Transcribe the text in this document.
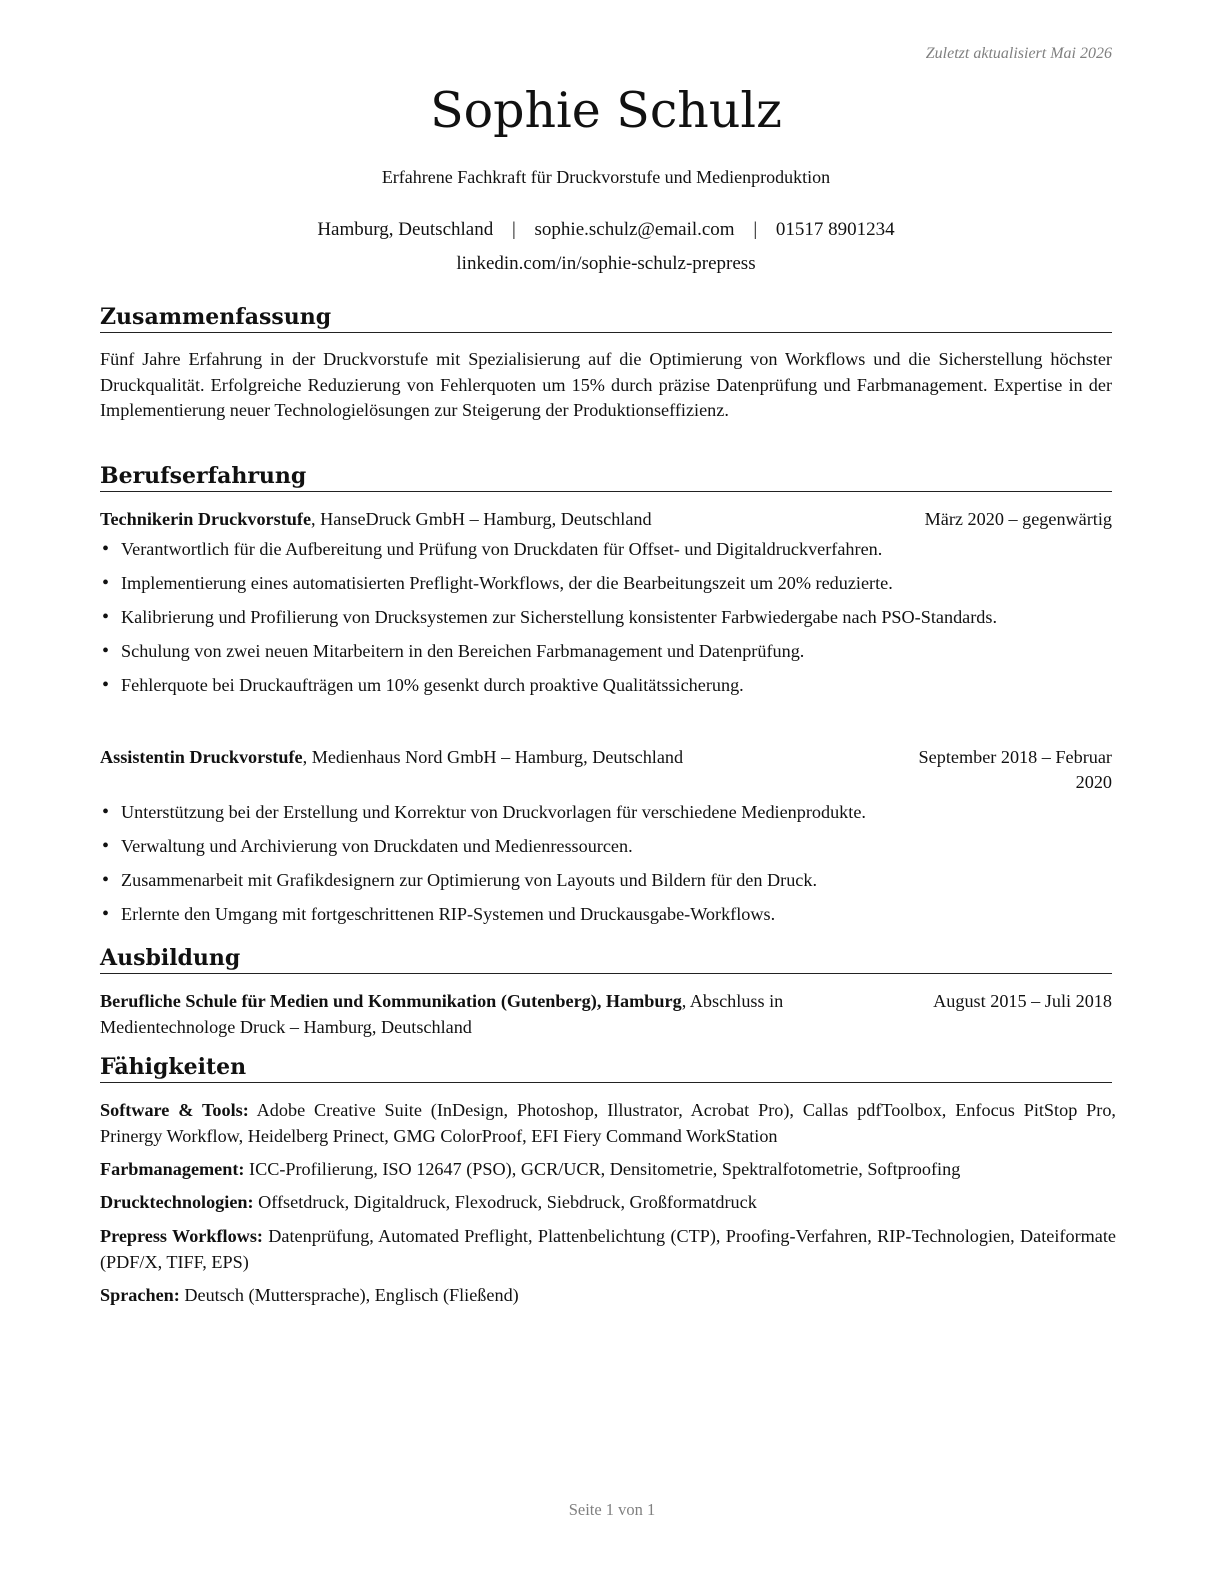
Zuletzt aktualisiert Mai 2026
Sophie Schulz
Erfahrene Fachkraft für Druckvorstufe und Medienproduktion
Hamburg, Deutschland | sophie.schulz@email.com | 01517 8901234
linkedin.com/in/sophie-schulz-prepress
Zusammenfassung
Fünf Jahre Erfahrung in der Druckvorstufe mit Spezialisierung auf die Optimierung von Workflows und die Sicherstellung höchster Druckqualität. Erfolgreiche Reduzierung von Fehlerquoten um 15% durch präzise Datenprüfung und Farbmanagement. Expertise in der Implementierung neuer Technologielösungen zur Steigerung der Produktionseffizienz.
Berufserfahrung
Technikerin Druckvorstufe, HanseDruck GmbH – Hamburg, Deutschland	März 2020 – gegenwärtig
• Verantwortlich für die Aufbereitung und Prüfung von Druckdaten für Offset- und Digitaldruckverfahren.
• Implementierung eines automatisierten Preflight-Workflows, der die Bearbeitungszeit um 20% reduzierte.
• Kalibrierung und Profilierung von Drucksystemen zur Sicherstellung konsistenter Farbwiedergabe nach PSO-Standards.
• Schulung von zwei neuen Mitarbeitern in den Bereichen Farbmanagement und Datenprüfung.
• Fehlerquote bei Druckaufträgen um 10% gesenkt durch proaktive Qualitätssicherung.
Assistentin Druckvorstufe, Medienhaus Nord GmbH – Hamburg, Deutschland	September 2018 – Februar
2020
• Unterstützung bei der Erstellung und Korrektur von Druckvorlagen für verschiedene Medienprodukte.
• Verwaltung und Archivierung von Druckdaten und Medienressourcen.
• Zusammenarbeit mit Grafikdesignern zur Optimierung von Layouts und Bildern für den Druck.
• Erlernte den Umgang mit fortgeschrittenen RIP-Systemen und Druckausgabe-Workflows.
Ausbildung
Berufliche Schule für Medien und Kommunikation (Gutenberg), Hamburg, Abschluss in Medientechnologe Druck – Hamburg, Deutschland
August 2015 – Juli 2018
Fähigkeiten
Software & Tools: Adobe Creative Suite (InDesign, Photoshop, Illustrator, Acrobat Pro), Callas pdfToolbox, Enfocus PitStop Pro, Prinergy Workflow, Heidelberg Prinect, GMG ColorProof, EFI Fiery Command WorkStation
Farbmanagement: ICC-Profilierung, ISO 12647 (PSO), GCR/UCR, Densitometrie, Spektralfotometrie, Softproofing
Drucktechnologien: Offsetdruck, Digitaldruck, Flexodruck, Siebdruck, Großformatdruck
Prepress Workflows: Datenprüfung, Automated Preflight, Plattenbelichtung (CTP), Proofing-Verfahren, RIP-Technologien, Dateiformate (PDF/X, TIFF, EPS)
Sprachen: Deutsch (Muttersprache), Englisch (Fließend)
Seite 1 von 1
